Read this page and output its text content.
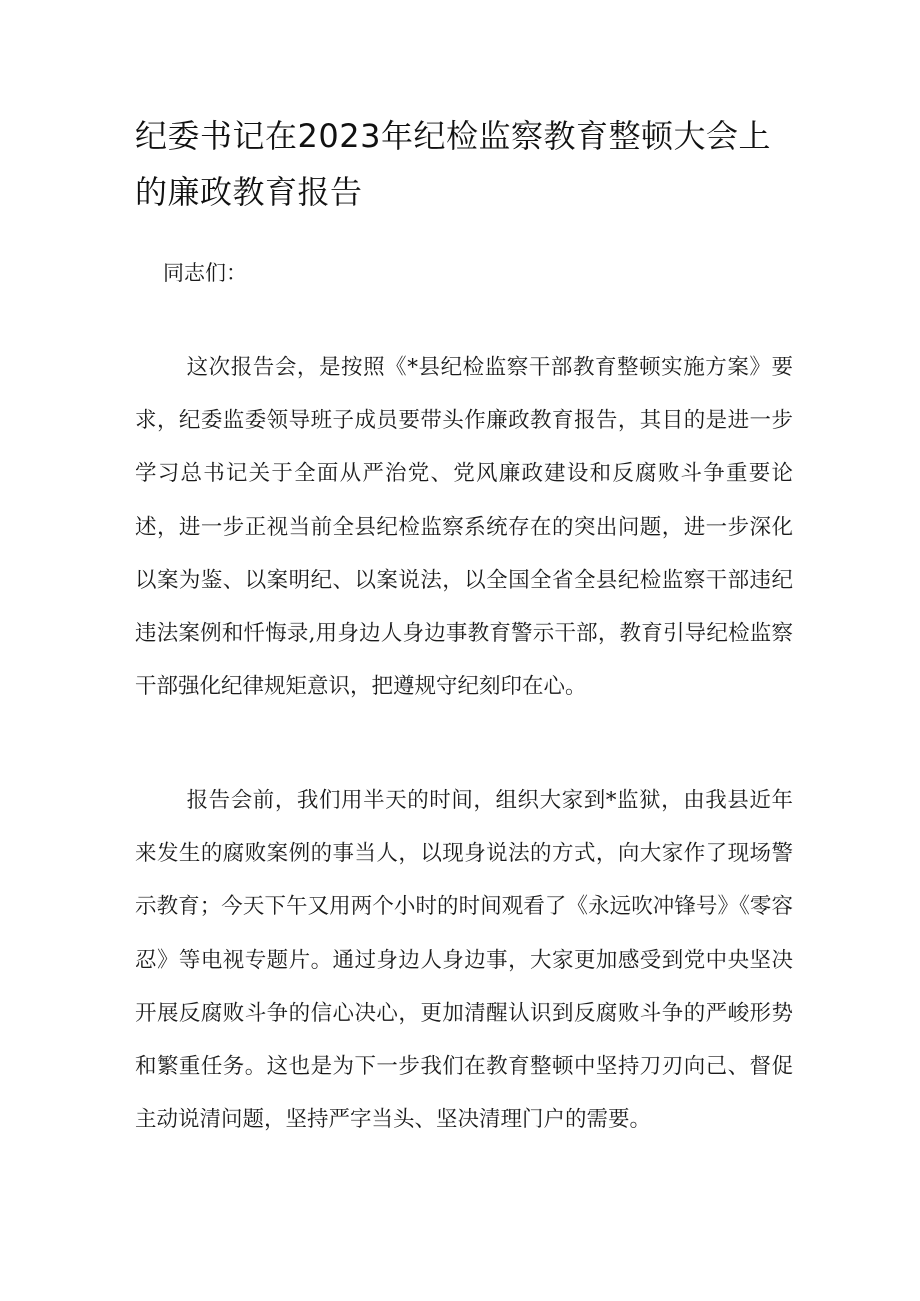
纪委书记在2023年纪检监察教育整顿大会上的廉政教育报告

同志们：

这次报告会，是按照《*县纪检监察干部教育整顿实施方案》要求，纪委监委领导班子成员要带头作廉政教育报告，其目的是进一步学习总书记关于全面从严治党、党风廉政建设和反腐败斗争重要论述，进一步正视当前全县纪检监察系统存在的突出问题，进一步深化以案为鉴、以案明纪、以案说法，以全国全省全县纪检监察干部违纪违法案例和忏悔录,用身边人身边事教育警示干部，教育引导纪检监察干部强化纪律规矩意识，把遵规守纪刻印在心。

报告会前，我们用半天的时间，组织大家到*监狱，由我县近年来发生的腐败案例的事当人，以现身说法的方式，向大家作了现场警示教育；今天下午又用两个小时的时间观看了《永远吹冲锋号》《零容忍》等电视专题片。通过身边人身边事，大家更加感受到党中央坚决开展反腐败斗争的信心决心，更加清醒认识到反腐败斗争的严峻形势和繁重任务。这也是为下一步我们在教育整顿中坚持刀刃向己、督促主动说清问题，坚持严字当头、坚决清理门户的需要。
